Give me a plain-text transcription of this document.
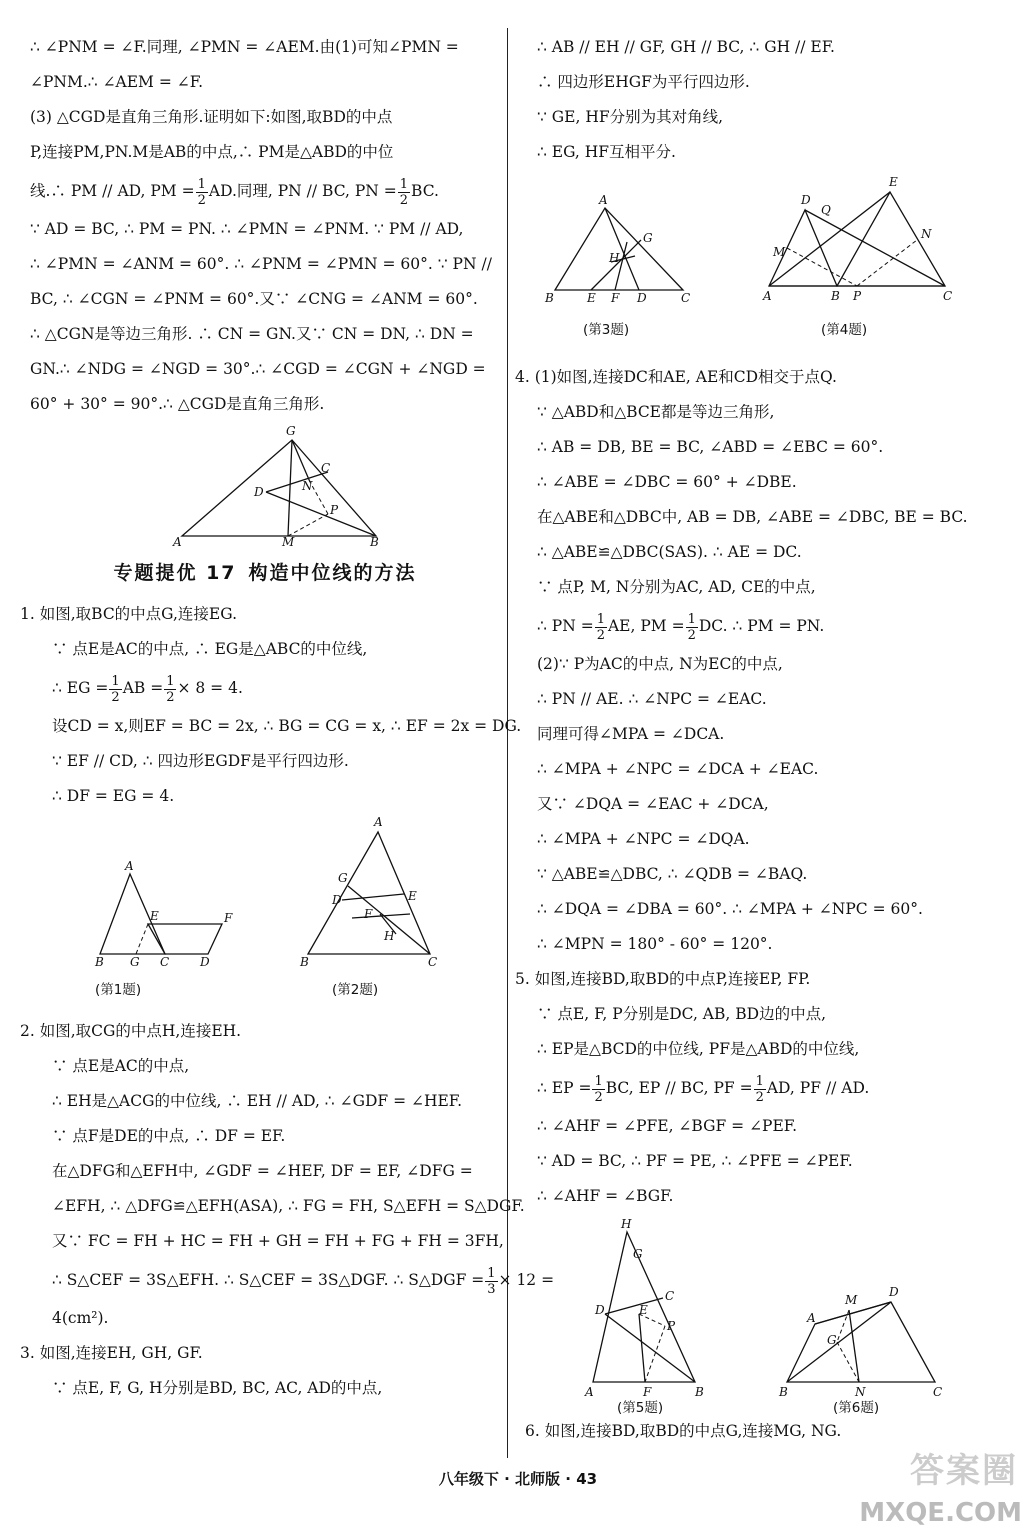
∴ ∠PNM = ∠F.同理, ∠PMN = ∠AEM.由(1)可知∠PMN =
∠PNM.∴ ∠AEM = ∠F.
(3) △CGD是直角三角形.证明如下:如图,取BD的中点
P,连接PM,PN.M是AB的中点,∴ PM是△ABD的中位
线.∴ PM // AD, PM = $\frac{1}{2}$ AD.同理, PN // BC, PN = $\frac{1}{2}$ BC.
∵ AD = BC, ∴ PM = PN. ∴ ∠PMN = ∠PNM. ∵ PM // AD,
∴ ∠PMN = ∠ANM = 60°. ∴ ∠PNM = ∠PMN = 60°. ∵ PN //
BC, ∴ ∠CGN = ∠PNM = 60°.又∵ ∠CNG = ∠ANM = 60°.
∴ △CGN是等边三角形. ∴ CN = GN.又∵ CN = DN, ∴ DN =
GN.∴ ∠NDG = ∠NGD = 30°.∴ ∠CGD = ∠CGN + ∠NGD =
60° + 30° = 90°.∴ △CGD是直角三角形.
A	B
G
C
D
M
P
N
专题提优 17 构造中位线的方法
1. 如图,取BC的中点G,连接EG.
∵ 点E是AC的中点, ∴ EG是△ABC的中位线,
∴ EG = $\frac{1}{2}$ AB = $\frac{1}{2} \times 8 = 4$.
设CD = x,则EF = BC = 2x, ∴ BG = CG = x, ∴ EF = 2x = DG.
∵ EF // CD, ∴ 四边形EGDF是平行四边形.
∴ DF = EG = 4.
B G C	D
A
E	F
A
G
D	E
F
H
B	C
(第1题)	(第2题)
2. 如图,取CG的中点H,连接EH.
∵ 点E是AC的中点,
∴ EH是△ACG的中位线, ∴ EH // AD, ∴ ∠GDF = ∠HEF.
∵ 点F是DE的中点, ∴ DF = EF.
在△DFG和△EFH中, ∠GDF = ∠HEF, DF = EF, ∠DFG =
∠EFH, ∴ △DFG≌△EFH(ASA), ∴ FG = FH, S△EFH = S△DGF.
又∵ FC = FH + HC = FH + GH = FH + FG + FH = 3FH,
∴ S△CEF = 3S△EFH. ∴ S△CEF = 3S△DGF. ∴ S△DGF = $\frac{1}{3} \times 12$ =
4(cm²).
3. 如图,连接EH, GH, GF.
∵ 点E, F, G, H分别是BD, BC, AC, AD的中点,
∴ AB // EH // GF, GH // BC, ∴ GH // EF.
∴ 四边形EHGF为平行四边形.
∵ GE, HF分别为其对角线,
∴ EG, HF互相平分.
A
G
H
B	E F D	C
D
E
Q
M
N
A	B P	C
(第3题)	(第4题)
4. (1)如图,连接DC和AE, AE和CD相交于点Q.
∵ △ABD和△BCE都是等边三角形,
∴ AB = DB, BE = BC, ∠ABD = ∠EBC = 60°.
∴ ∠ABE = ∠DBC = 60° + ∠DBE.
在△ABE和△DBC中, AB = DB, ∠ABE = ∠DBC, BE = BC.
∴ △ABE≌△DBC(SAS). ∴ AE = DC.
∵ 点P, M, N分别为AC, AD, CE的中点,
∴ PN = $\frac{1}{2}$ AE, PM = $\frac{1}{2}$ DC. ∴ PM = PN.
(2)∵ P为AC的中点, N为EC的中点,
∴ PN // AE. ∴ ∠NPC = ∠EAC.
同理可得∠MPA = ∠DCA.
∴ ∠MPA + ∠NPC = ∠DCA + ∠EAC.
又∵ ∠DQA = ∠EAC + ∠DCA,
∴ ∠MPA + ∠NPC = ∠DQA.
∵ △ABE≌△DBC, ∴ ∠QDB = ∠BAQ.
∴ ∠DQA = ∠DBA = 60°. ∴ ∠MPA + ∠NPC = 60°.
∴ ∠MPN = 180° - 60° = 120°.
5. 如图,连接BD,取BD的中点P,连接EP, FP.
∵ 点E, F, P分别是DC, AB, BD边的中点,
∴ EP是△BCD的中位线, PF是△ABD的中位线,
∴ EP = $\frac{1}{2}$ BC, EP // BC, PF = $\frac{1}{2}$ AD, PF // AD.
∴ ∠AHF = ∠PFE, ∠BGF = ∠PEF.
∵ AD = BC, ∴ PF = PE, ∴ ∠PFE = ∠PEF.
∴ ∠AHF = ∠BGF.
H
G
D	E
C
P
A	F	B
A
M
D
G
B	N	C
(第5题)	(第6题)
6. 如图,连接BD,取BD的中点G,连接MG, NG.
八年级下 · 北师版 · 43	答案圈
MXQE.COM
